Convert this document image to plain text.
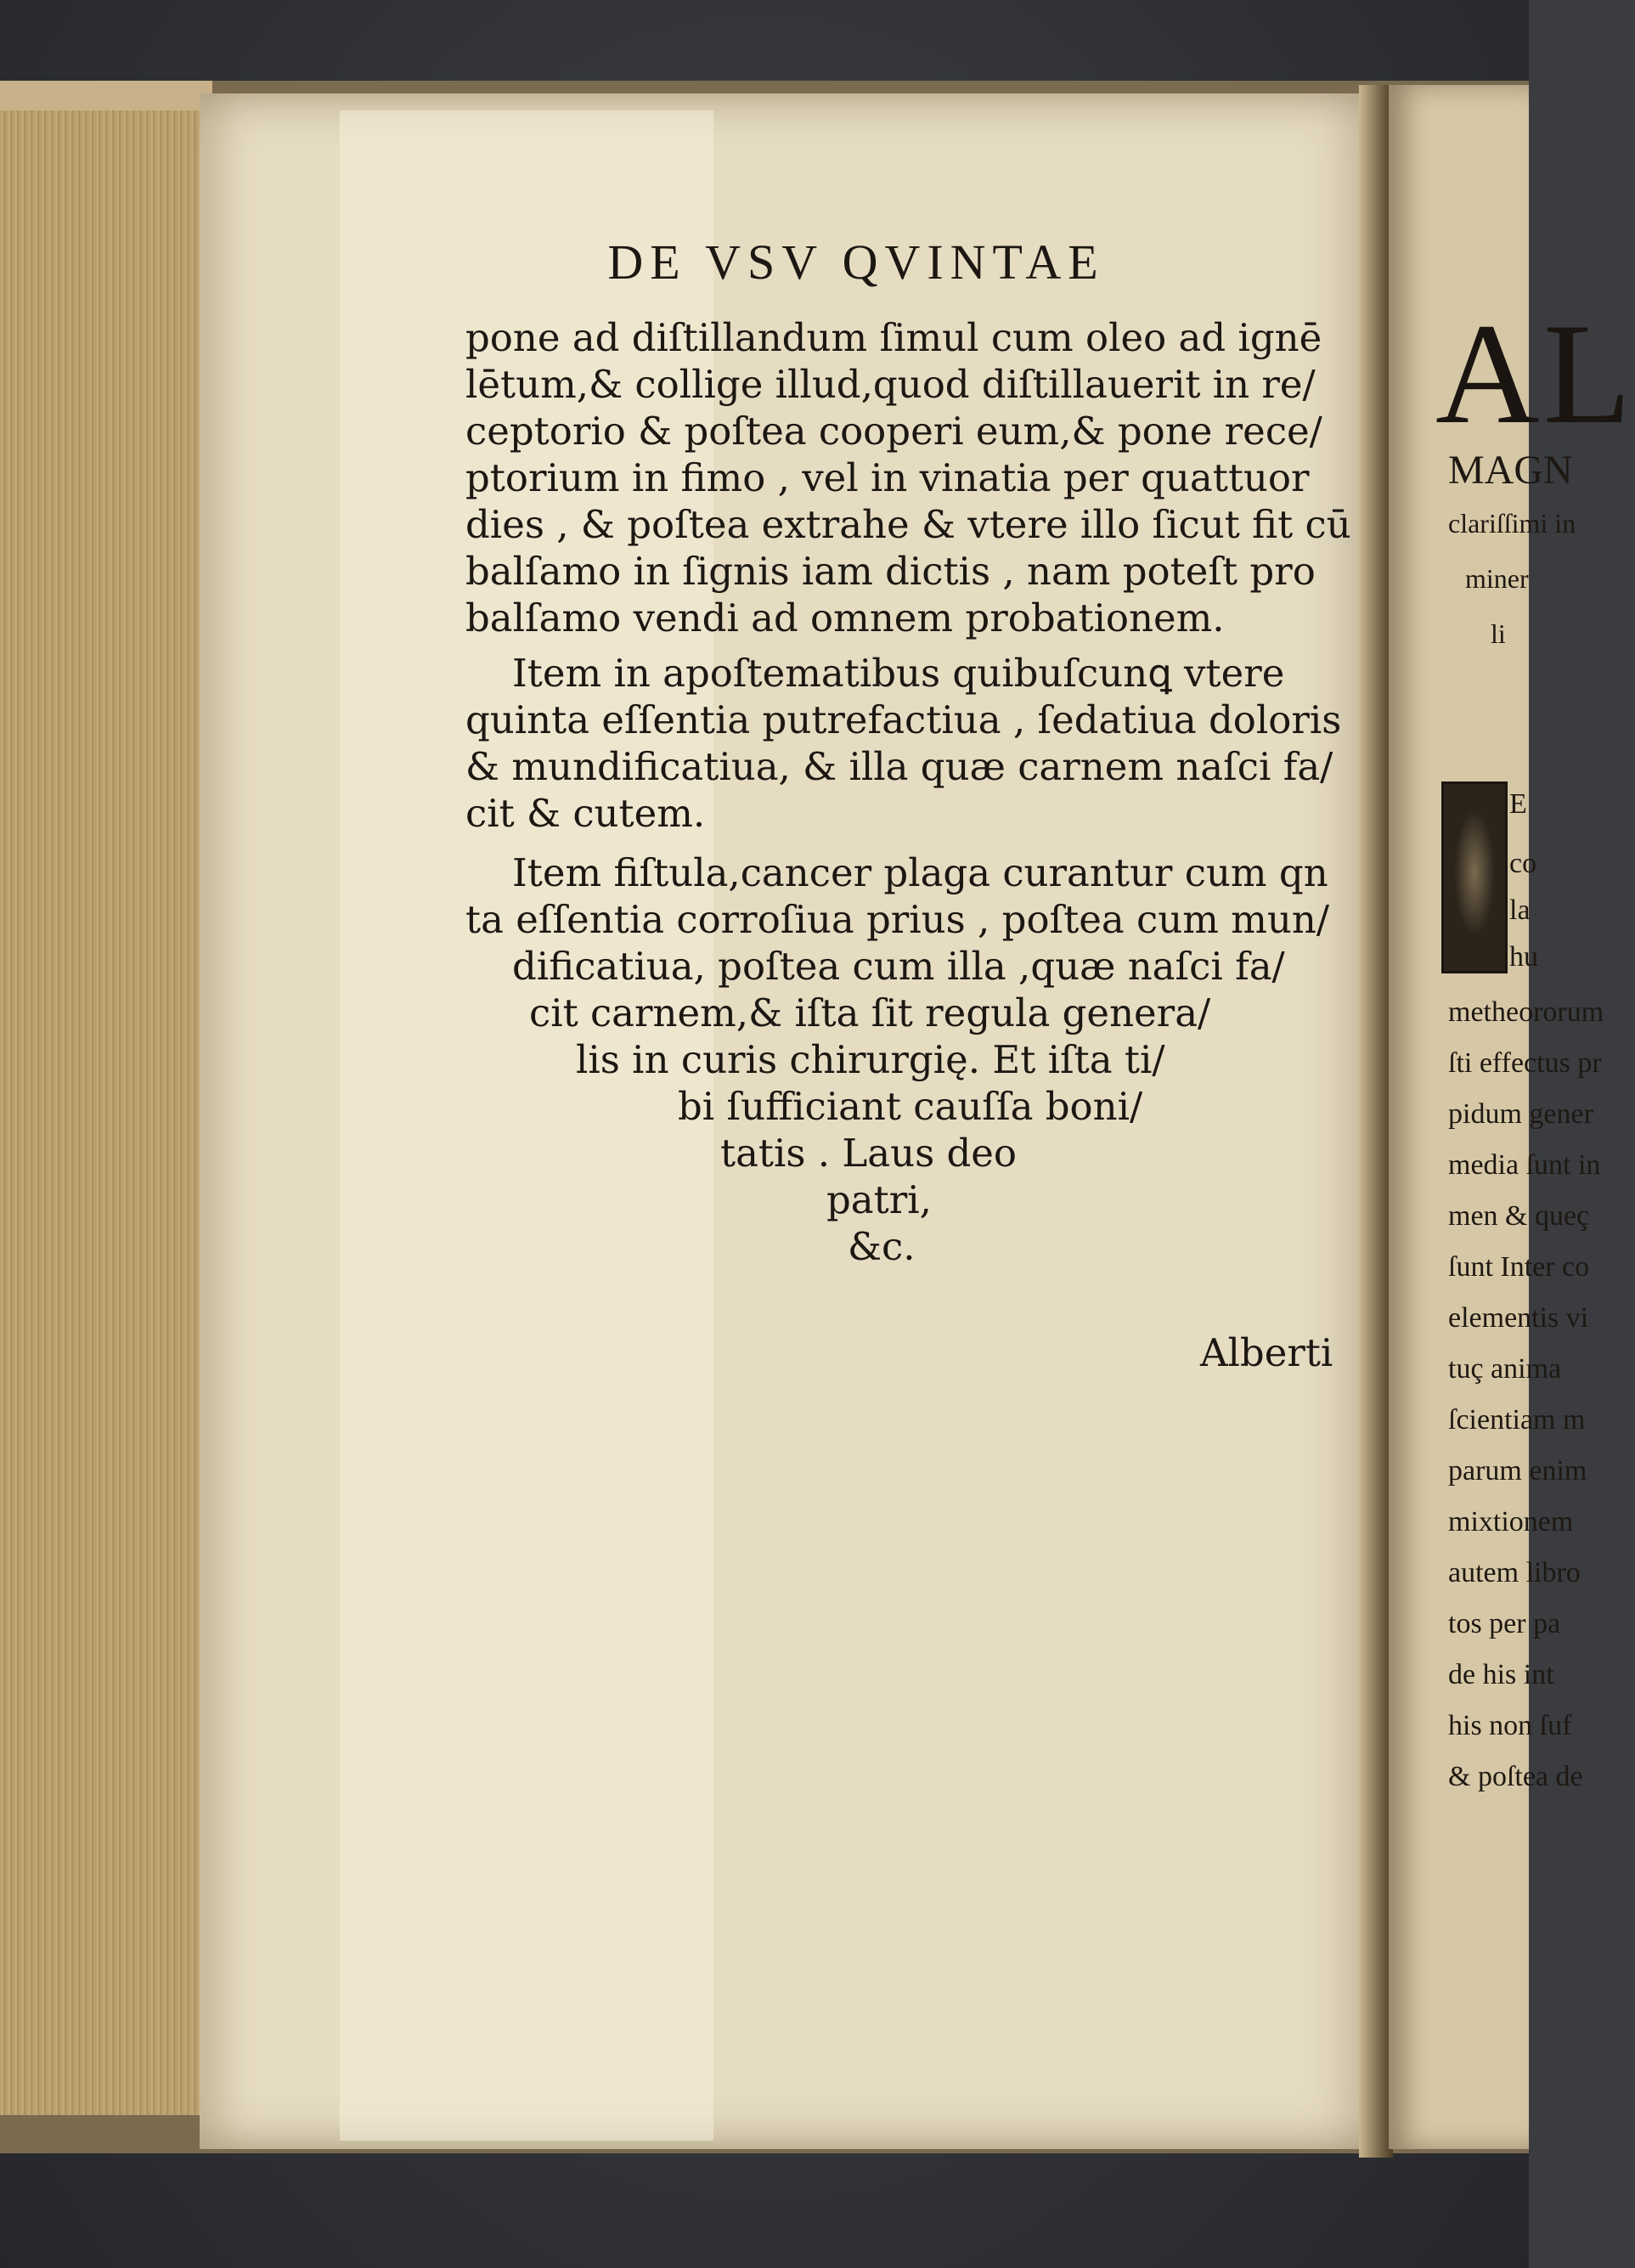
DE VSV QVINTAE
pone ad diſtillandum ſimul cum oleo ad ignē
lētum,& collige illud,quod diſtillauerit in re/
ceptorio & poſtea cooperi eum,& pone rece/
ptorium in fimo , vel in vinatia per quattuor
dies , & poſtea extrahe & vtere illo ſicut fit cū
balſamo in ſignis iam dictis , nam poteſt pro
balſamo vendi ad omnem probationem.
Item in apoſtematibus quibuſcunꝗ vtere
quinta eſſentia putrefactiua , ſedatiua doloris
& mundificatiua, & illa quæ carnem naſci fa/
cit & cutem.
Item fiſtula,cancer plaga curantur cum qn
ta eſſentia corroſiua prius , poſtea cum mun/
dificatiua, poſtea cum illa ,quæ naſci fa/
cit carnem,& iſta ſit regula genera/
lis in curis chirurgię. Et iſta ti/
bi ſufficiant cauſſa boni/
tatis . Laus deo
patri,
&c.
Alberti
AL
MAGN
clariſſimi in
miner
li
E
co
la
hu
metheororum
ſti effectus pr
pidum gener
media ſunt in
men & queç
ſunt Inter co
elementis vi
tuç anima
ſcientiam m
parum enim
mixtionem
autem libro
tos per pa
de his int
his non ſuf
& poſtea de
